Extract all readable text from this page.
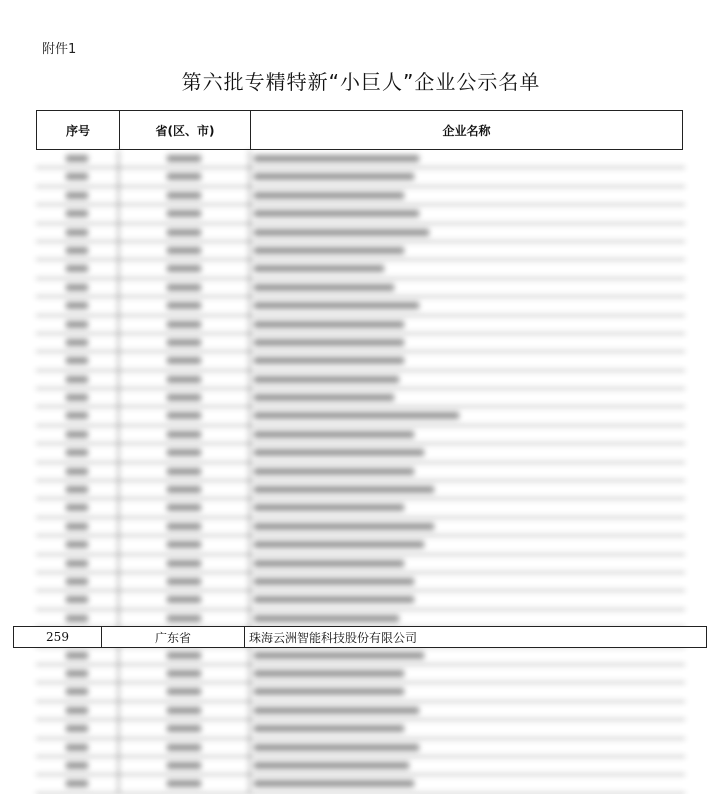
附件1
第六批专精特新“小巨人”企业公示名单
序号	省(区、市)	企业名称
259	广东省	珠海云洲智能科技股份有限公司
